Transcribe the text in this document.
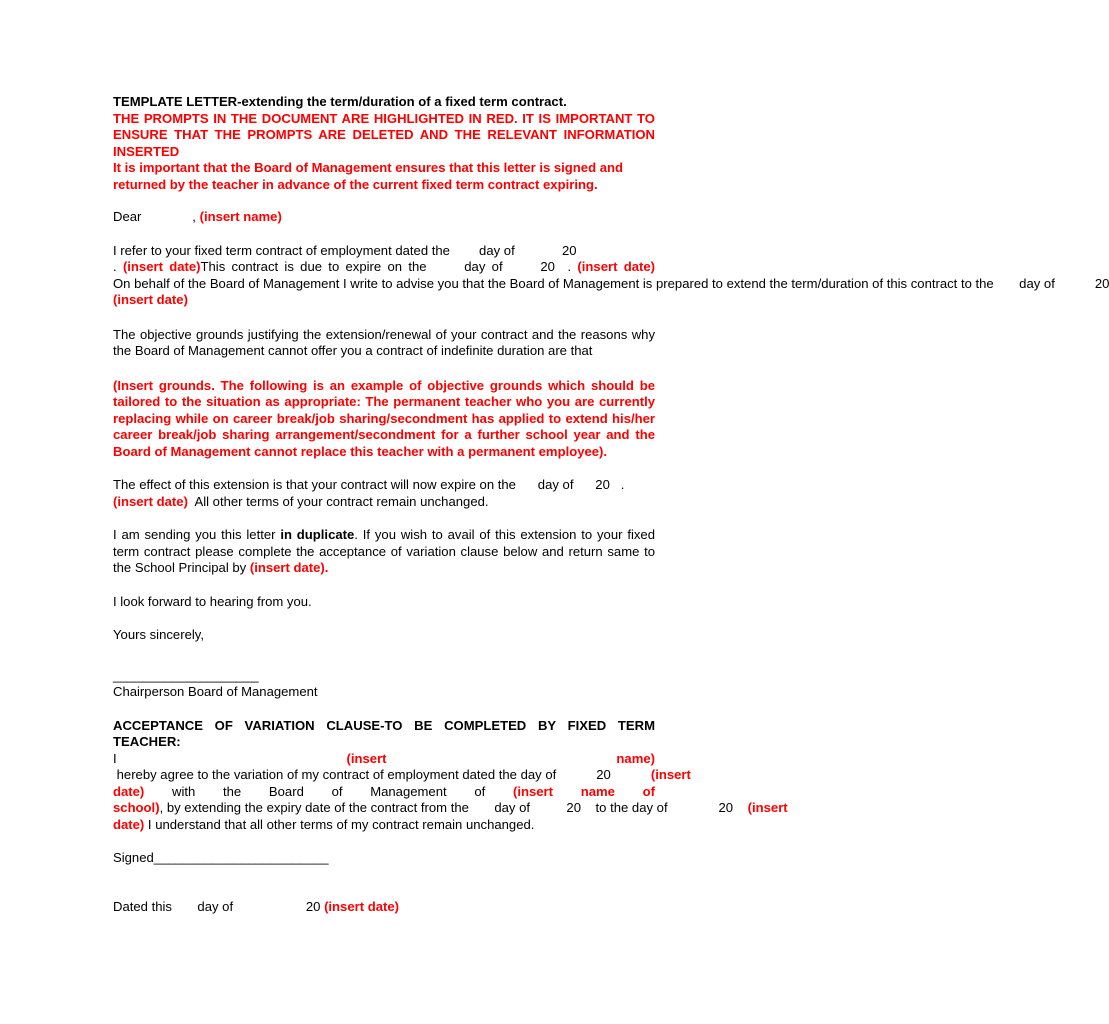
TEMPLATE LETTER-extending the term/duration of a fixed term contract.

THE PROMPTS IN THE DOCUMENT ARE HIGHLIGHTED IN RED. IT IS IMPORTANT TO ENSURE THAT THE PROMPTS ARE DELETED AND THE RELEVANT INFORMATION INSERTED

It is important that the Board of Management ensures that this letter is signed and returned by the teacher in advance of the current fixed term contract expiring.

Dear              , (insert name)

I refer to your fixed term contract of employment dated the        day of             20
. (insert date)This contract is due to expire on the      day of      20  . (insert date) On behalf of the Board of Management I write to advise you that the Board of Management is prepared to extend the term/duration of this contract to the       day of           20 (insert date)

The objective grounds justifying the extension/renewal of your contract and the reasons why the Board of Management cannot offer you a contract of indefinite duration are that

(Insert grounds. The following is an example of objective grounds which should be tailored to the situation as appropriate: The permanent teacher who you are currently replacing while on career break/job sharing/secondment has applied to extend his/her career break/job sharing arrangement/secondment for a further school year and the Board of Management cannot replace this teacher with a permanent employee).

The effect of this extension is that your contract will now expire on the      day of      20   .
(insert date)  All other terms of your contract remain unchanged.

I am sending you this letter in duplicate. If you wish to avail of this extension to your fixed term contract please complete the acceptance of variation clause below and return same to the School Principal by (insert date).

I look forward to hearing from you.

Yours sincerely,

____________________

Chairperson Board of Management

ACCEPTANCE OF VARIATION CLAUSE-TO BE COMPLETED BY FIXED TERM TEACHER:

I (insert name) hereby agree to the variation of my contract of employment dated the day of           20           (insert date) with the Board of Management of (insert name of school), by extending the expiry date of the contract from the       day of          20    to the day of              20    (insert date) I understand that all other terms of my contract remain unchanged.

Signed________________________

Dated this       day of                    20 (insert date)
